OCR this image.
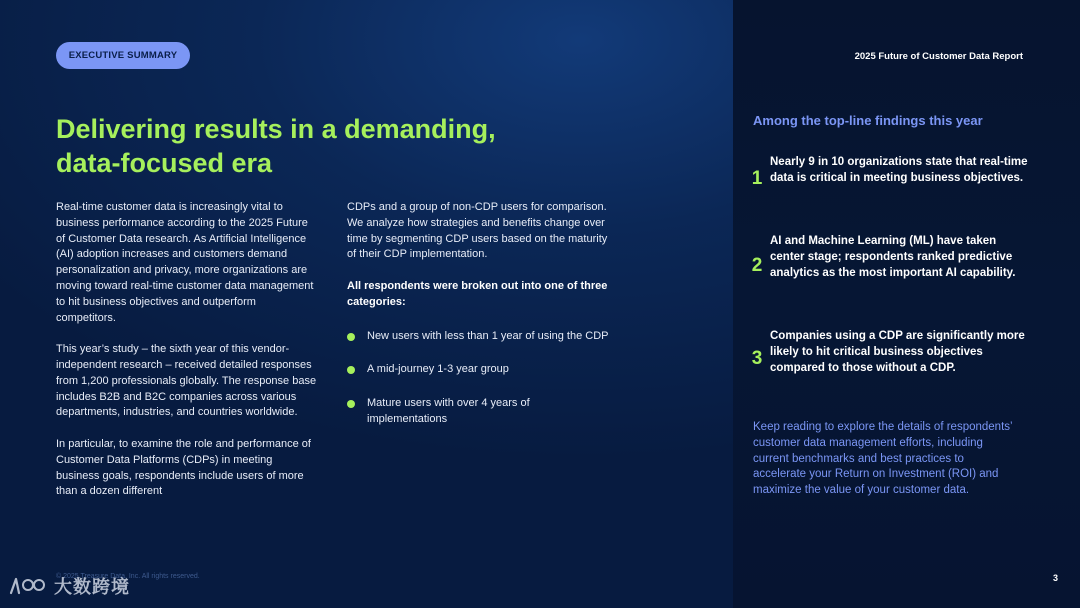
EXECUTIVE SUMMARY	2025 Future of Customer Data Report
Delivering results in a demanding,
data-focused era

Real-time customer data is increasingly vital to business performance according to the 2025 Future of Customer Data research. As Artificial Intelligence (AI) adoption increases and customers demand personalization and privacy, more organizations are moving toward real-time customer data management to hit business objectives and outperform competitors.

This year’s study – the sixth year of this vendor-independent research – received detailed responses from 1,200 professionals globally. The response base includes B2B and B2C companies across various departments, industries, and countries worldwide.

In particular, to examine the role and performance of Customer Data Platforms (CDPs) in meeting business goals, respondents include users of more than a dozen different

CDPs and a group of non-CDP users for comparison. We analyze how strategies and benefits change over time by segmenting CDP users based on the maturity of their CDP implementation.

All respondents were broken out into one of three categories:

New users with less than 1 year of using the CDP
A mid-journey 1-3 year group
Mature users with over 4 years of implementations
Among the top-line findings this year
1
Nearly 9 in 10 organizations state that real-time data is critical in meeting business objectives.
2
AI and Machine Learning (ML) have taken center stage; respondents ranked predictive analytics as the most important AI capability.
3
Companies using a CDP are significantly more likely to hit critical business objectives compared to those without a CDP.
Keep reading to explore the details of respondents’ customer data management efforts, including current benchmarks and best practices to accelerate your Return on Investment (ROI) and maximize the value of your customer data.
© 2025 Treasure Data, Inc. All rights reserved.	3
大数跨境
